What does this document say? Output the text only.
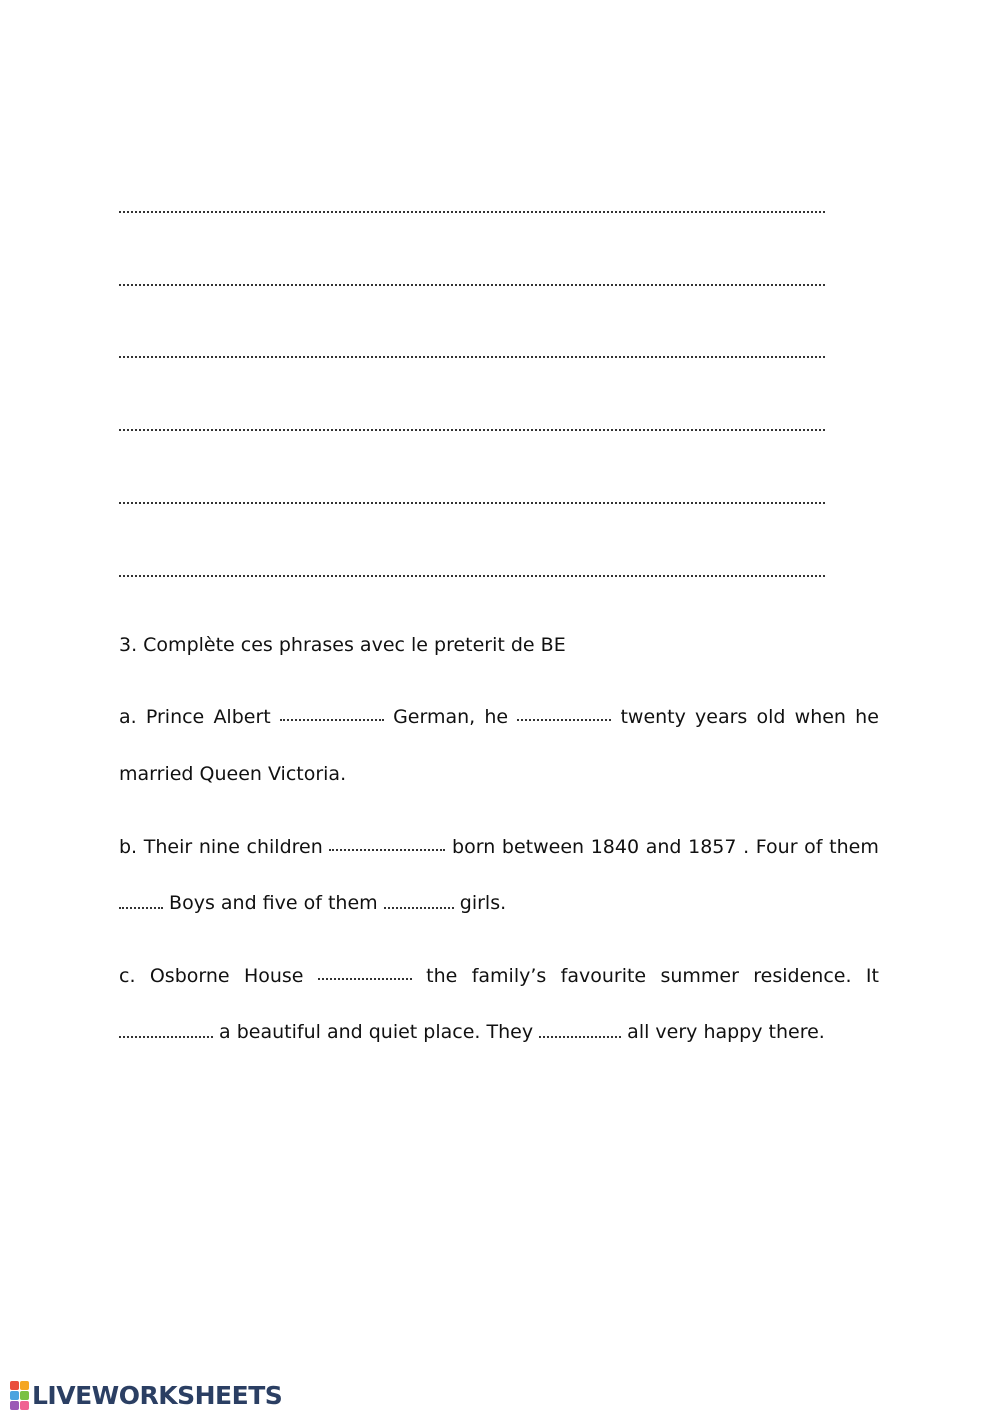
3. Complète ces phrases avec le preterit de BE
a. Prince Albert	German, he	twenty years old when he
married Queen Victoria.
b. Their nine children	born between 1840 and 1857 . Four of them
Boys and five of them	girls.
c. Osborne House	the family’s favourite summer residence. It
a beautiful and quiet place. They	all very happy there.
LIVEWORKSHEETS
